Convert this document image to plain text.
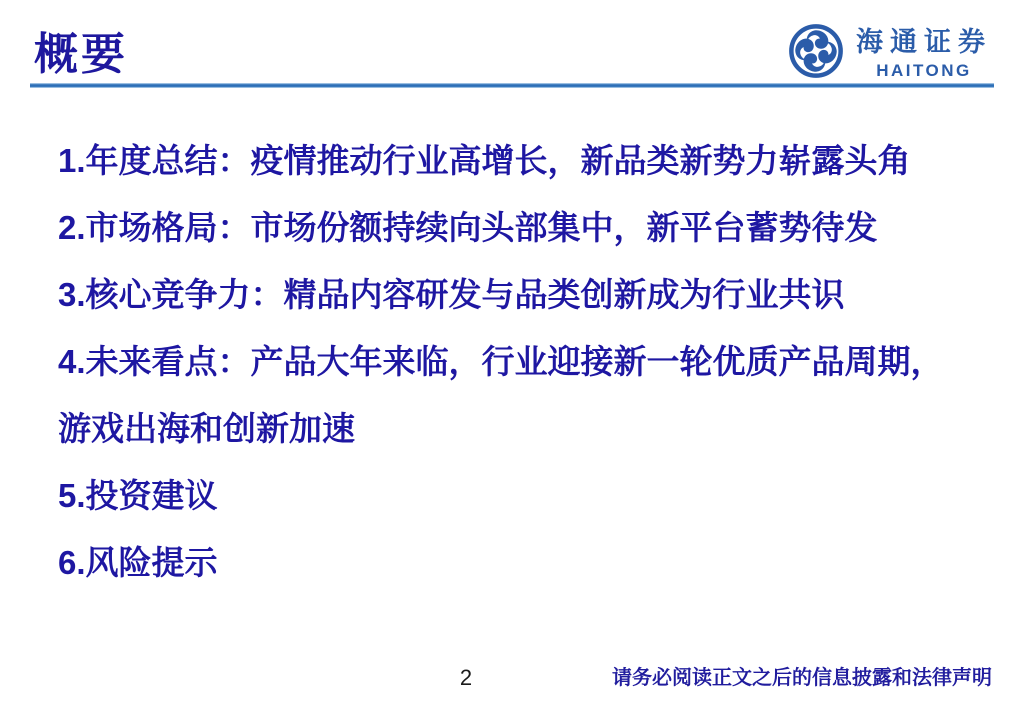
概要	海通证券
HAITONG
1.年度总结：疫情推动行业高增长，新品类新势力崭露头角
2.市场格局：市场份额持续向头部集中，新平台蓄势待发
3.核心竞争力：精品内容研发与品类创新成为行业共识
4.未来看点：产品大年来临，行业迎接新一轮优质产品周期，游戏出海和创新加速
5.投资建议
6.风险提示
2	请务必阅读正文之后的信息披露和法律声明
